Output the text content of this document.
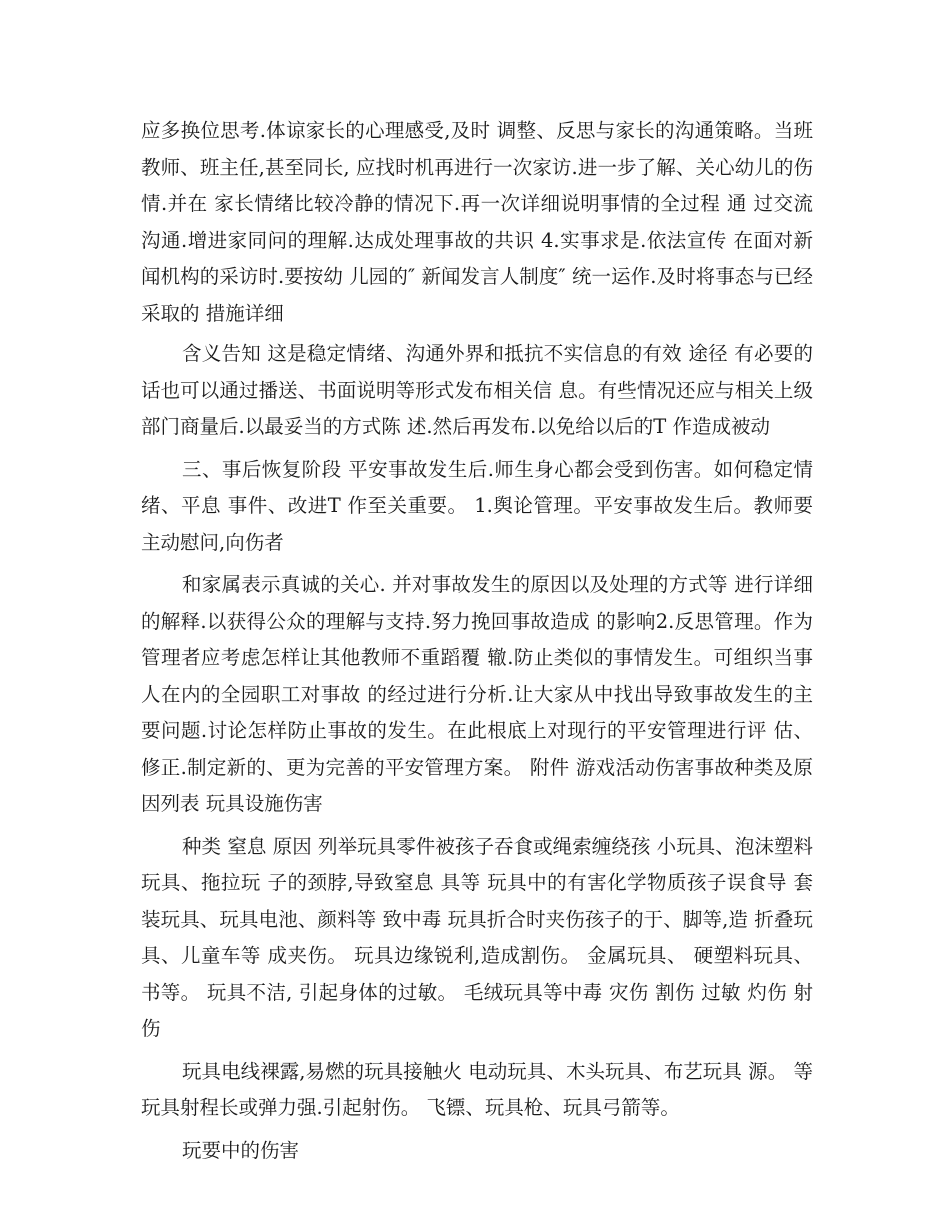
应多换位思考.体谅家长的心理感受,及时 调整、反思与家长的沟通策略。当班教师、班主任,甚至同长, 应找时机再进行一次家访.进一步了解、关心幼儿的伤情.并在 家长情绪比较冷静的情况下.再一次详细说明事情的全过程 通 过交流沟通.增进家同问的理解.达成处理事故的共识 4.实事求是.依法宣传 在面对新闻机构的采访时.要按幼 儿园的″ 新闻发言人制度″ 统一运作.及时将事态与已经采取的 措施详细

含义告知 这是稳定情绪、沟通外界和抵抗不实信息的有效 途径 有必要的话也可以通过播送、书面说明等形式发布相关信 息。有些情况还应与相关上级部门商量后.以最妥当的方式陈 述.然后再发布.以免给以后的T 作造成被动

三、事后恢复阶段 平安事故发生后.师生身心都会受到伤害。如何稳定情绪、平息 事件、改进T 作至关重要。 1.舆论管理。平安事故发生后。教师要主动慰问,向伤者

和家属表示真诚的关心. 并对事故发生的原因以及处理的方式等 进行详细的解释.以获得公众的理解与支持.努力挽回事故造成 的影响2.反思管理。作为管理者应考虑怎样让其他教师不重蹈覆 辙.防止类似的事情发生。可组织当事人在内的全园职工对事故 的经过进行分析.让大家从中找出导致事故发生的主要问题.讨论怎样防止事故的发生。在此根底上对现行的平安管理进行评 估、修正.制定新的、更为完善的平安管理方案。 附件 游戏活动伤害事故种类及原因列表 玩具设施伤害

种类 窒息 原因 列举玩具零件被孩子吞食或绳索缠绕孩 小玩具、泡沫塑料玩具、拖拉玩 子的颈脖,导致窒息 具等 玩具中的有害化学物质孩子误食导 套装玩具、玩具电池、颜料等 致中毒 玩具折合时夹伤孩子的于、脚等,造 折叠玩具、儿童车等 成夹伤。 玩具边缘锐利,造成割伤。 金属玩具、 硬塑料玩具、 书等。 玩具不洁, 引起身体的过敏。 毛绒玩具等中毒 灾伤 割伤 过敏 灼伤 射伤

玩具电线裸露,易燃的玩具接触火 电动玩具、木头玩具、布艺玩具 源。 等 玩具射程长或弹力强.引起射伤。 飞镖、玩具枪、玩具弓箭等。

玩要中的伤害
